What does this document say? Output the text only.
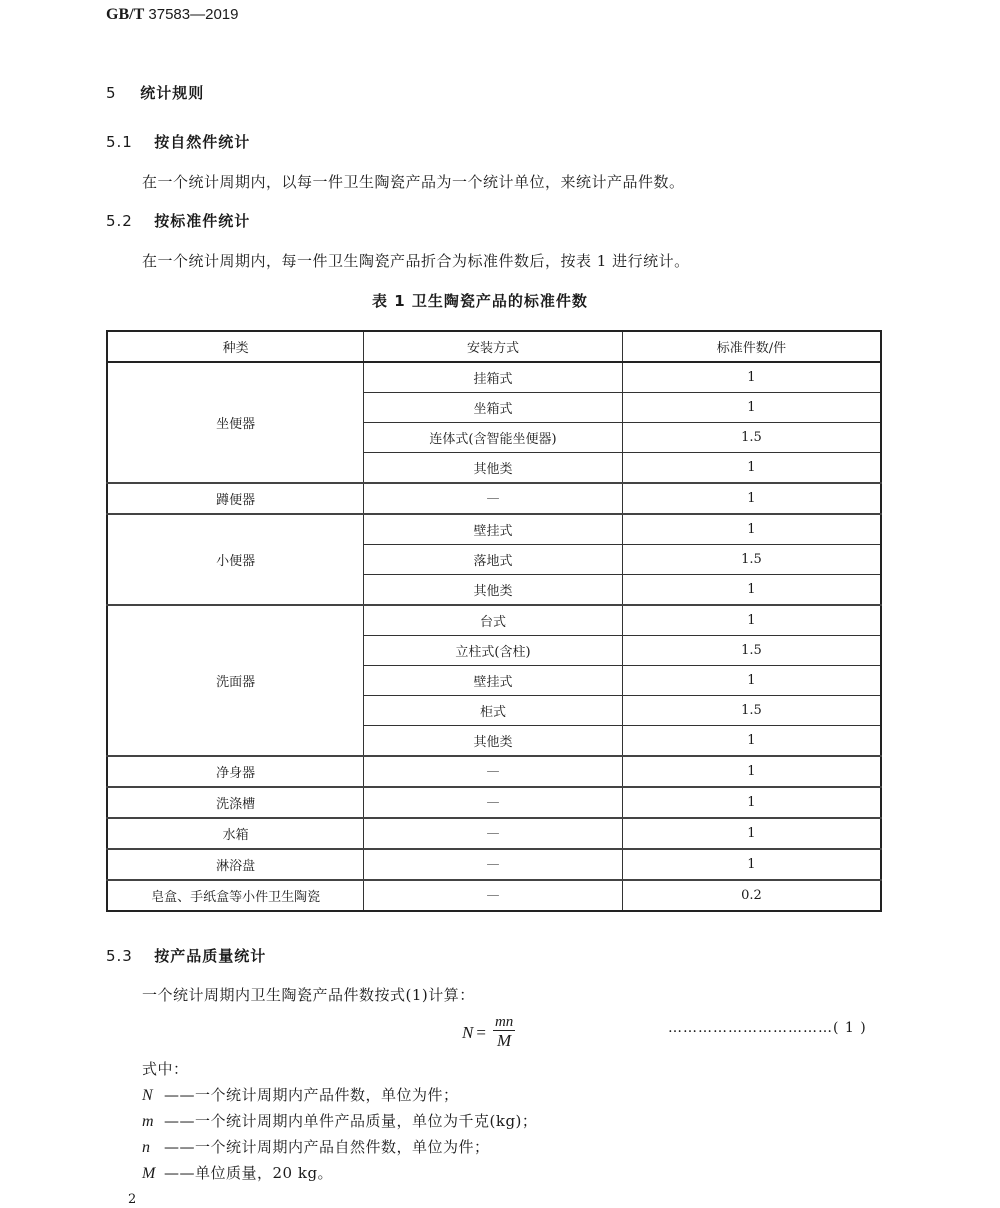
GB/T 37583—2019
5 统计规则
5.1 按自然件统计
在一个统计周期内，以每一件卫生陶瓷产品为一个统计单位，来统计产品件数。
5.2 按标准件统计
在一个统计周期内，每一件卫生陶瓷产品折合为标准件数后，按表 1 进行统计。
表 1 卫生陶瓷产品的标准件数
种类	安装方式	标准件数/件
坐便器	挂箱式	1
	坐箱式	1
	连体式(含智能坐便器)	1.5
	其他类	1
蹲便器	—	1
小便器	壁挂式	1
	落地式	1.5
	其他类	1
洗面器	台式	1
	立柱式(含柱)	1.5
	壁挂式	1
	柜式	1.5
	其他类	1
净身器	—	1
洗涤槽	—	1
水箱	—	1
淋浴盘	—	1
皂盒、手纸盒等小件卫生陶瓷	—	0.2
5.3 按产品质量统计
一个统计周期内卫生陶瓷产品件数按式(1)计算：
$N = \frac{mn}{M}$	……………………………( 1 )
式中：
N ——一个统计周期内产品件数，单位为件；
m ——一个统计周期内单件产品质量，单位为千克(kg)；
n ——一个统计周期内产品自然件数，单位为件；
M ——单位质量，20 kg。
2
